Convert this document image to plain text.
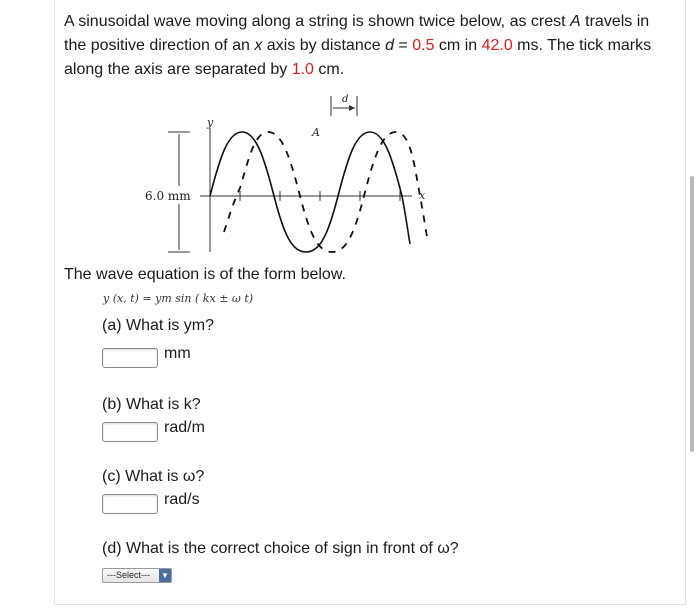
A sinusoidal wave moving along a string is shown twice below, as crest A travels in the positive direction of an x axis by distance d = 0.5 cm in 42.0 ms. The tick marks along the axis are separated by 1.0 cm.
6.0 mm
y
x
A
d
The wave equation is of the form below.
y (x, t) = ym sin ( kx ± ω t)
(a) What is ym?
mm
(b) What is k?
rad/m
(c) What is ω?
rad/s
(d) What is the correct choice of sign in front of ω?
---Select--- ▼
